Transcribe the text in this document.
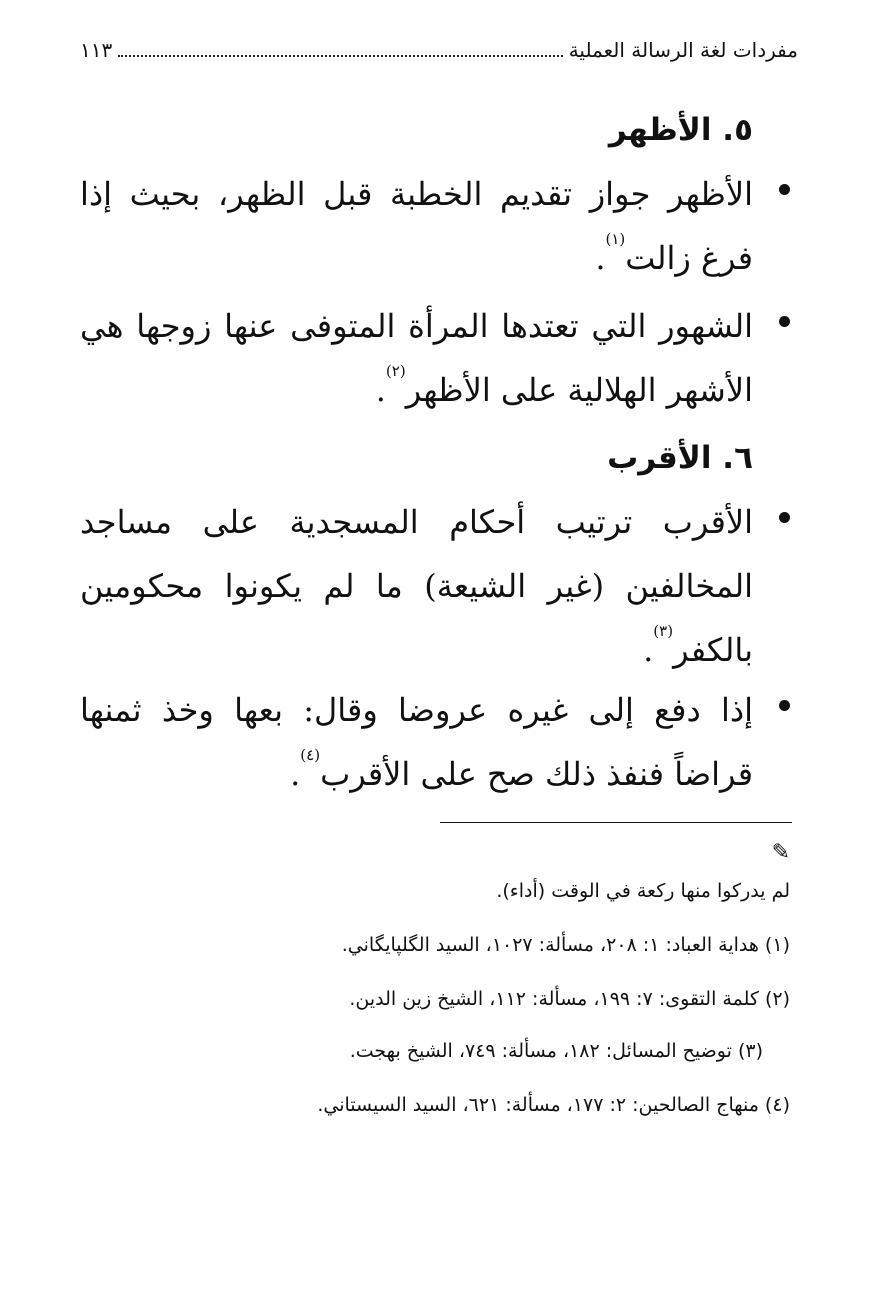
مفردات لغة الرسالة العملية
١١٣
٥. الأظهر
الأظهر جواز تقديم الخطبة قبل الظهر، بحيث إذا فرغ زالت$^{(١)}$.
الشهور التي تعتدها المرأة المتوفى عنها زوجها هي الأشهر الهلالية على الأظهر$^{(٢)}$.
٦. الأقرب
الأقرب ترتيب أحكام المسجدية على مساجد المخالفين (غير الشيعة) ما لم يكونوا محكومين بالكفر$^{(٣)}$.
إذا دفع إلى غيره عروضا وقال: بعها وخذ ثمنها قراضاً فنفذ ذلك صح على الأقرب$^{(٤)}$.
✎
لم يدركوا منها ركعة في الوقت (أداء).
(١) هداية العباد: ١: ٢٠٨، مسألة: ١٠٢٧، السيد الگلپايگاني.
(٢) كلمة التقوى: ٧: ١٩٩، مسألة: ١١٢، الشيخ زين الدين.
(٣) توضيح المسائل: ١٨٢، مسألة: ٧٤٩، الشيخ بهجت.
(٤) منهاج الصالحين: ٢: ١٧٧، مسألة: ٦٢١، السيد السيستاني.
